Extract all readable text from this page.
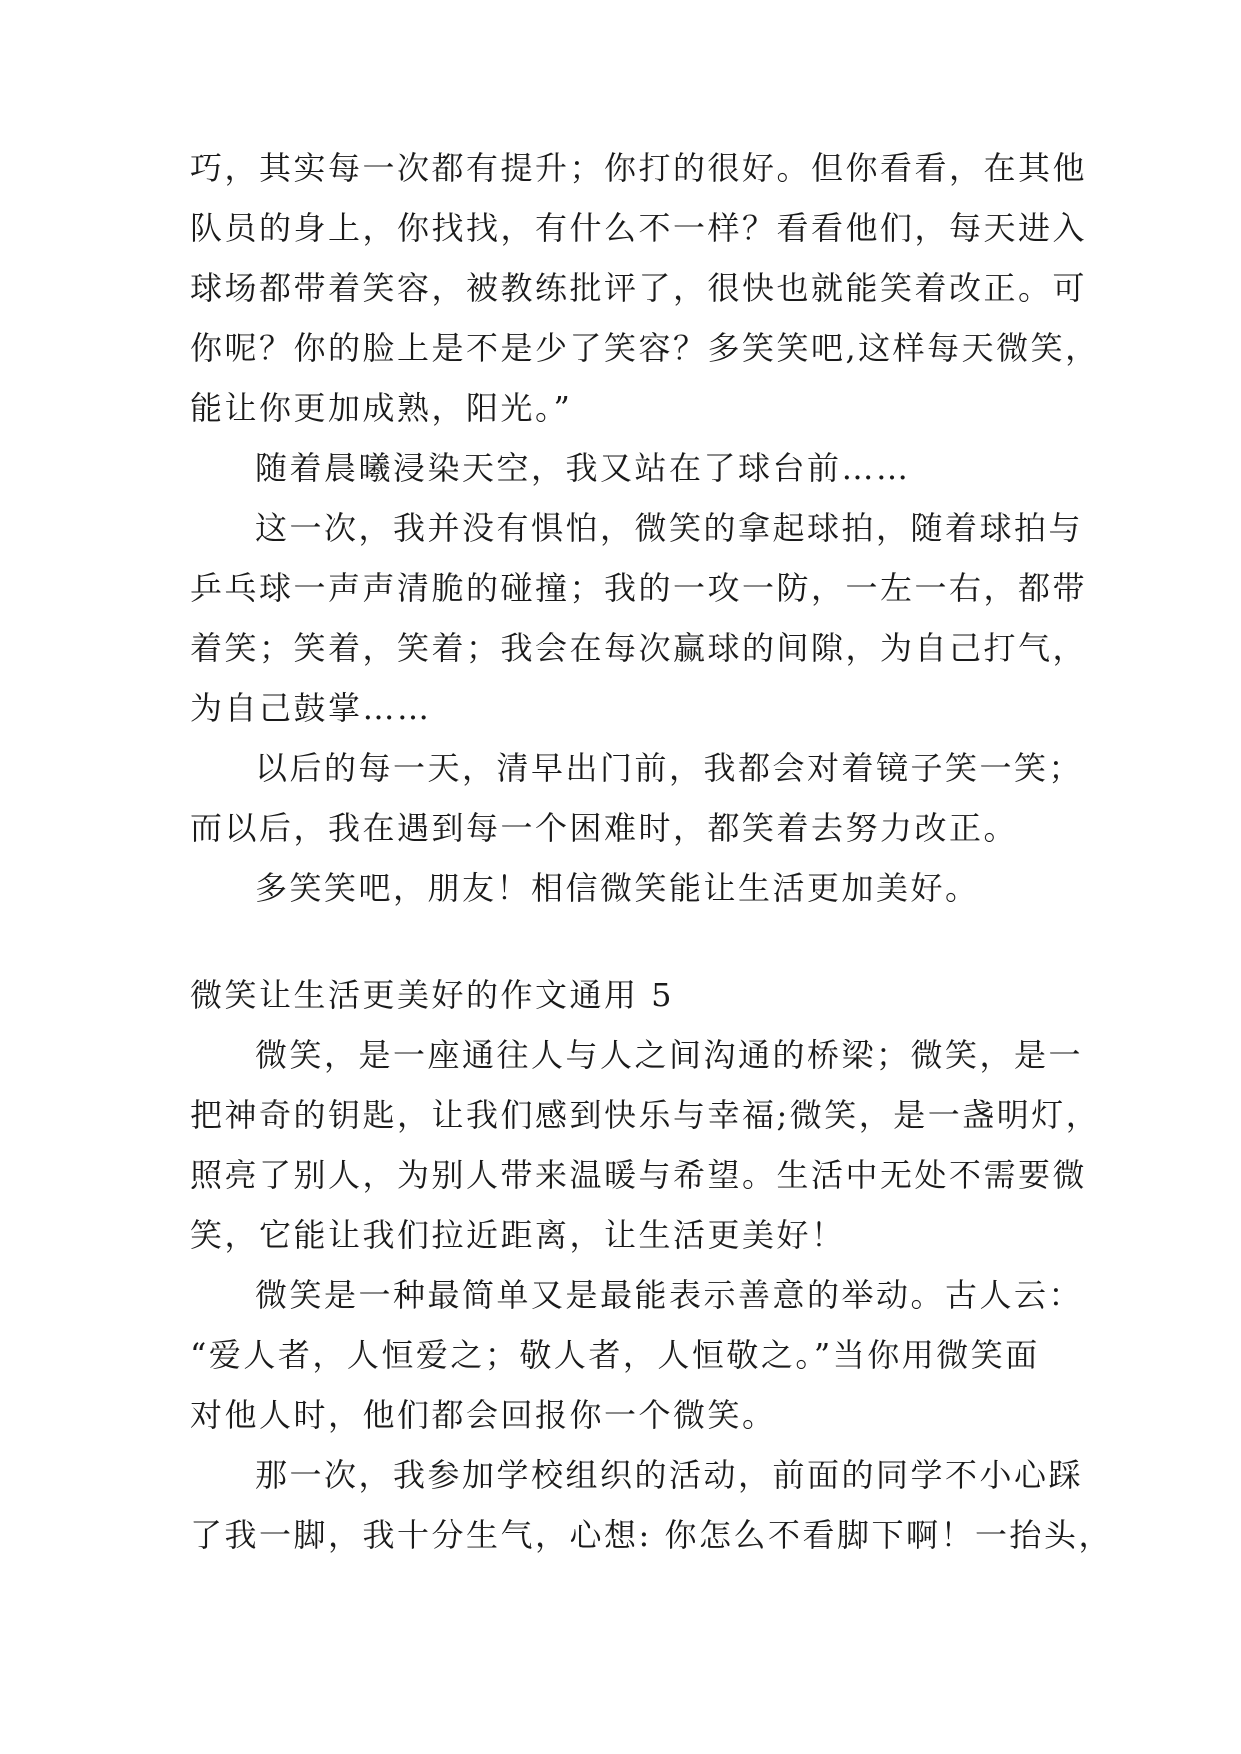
巧，其实每一次都有提升；你打的很好。但你看看，在其他
队员的身上，你找找，有什么不一样？看看他们，每天进入
球场都带着笑容，被教练批评了，很快也就能笑着改正。可
你呢？你的脸上是不是少了笑容？多笑笑吧,这样每天微笑，
能让你更加成熟，阳光。”
随着晨曦浸染天空，我又站在了球台前……
这一次，我并没有惧怕，微笑的拿起球拍，随着球拍与
乒乓球一声声清脆的碰撞；我的一攻一防，一左一右，都带
着笑；笑着，笑着；我会在每次赢球的间隙，为自己打气，
为自己鼓掌……
以后的每一天，清早出门前，我都会对着镜子笑一笑；
而以后，我在遇到每一个困难时，都笑着去努力改正。
多笑笑吧，朋友！相信微笑能让生活更加美好。
微笑让生活更美好的作文通用 5
微笑，是一座通往人与人之间沟通的桥梁；微笑，是一
把神奇的钥匙，让我们感到快乐与幸福;微笑，是一盏明灯，
照亮了别人，为别人带来温暖与希望。生活中无处不需要微
笑，它能让我们拉近距离，让生活更美好！
微笑是一种最简单又是最能表示善意的举动。古人云：
“爱人者，人恒爱之；敬人者，人恒敬之。”当你用微笑面
对他人时，他们都会回报你一个微笑。
那一次，我参加学校组织的活动，前面的同学不小心踩
了我一脚，我十分生气，心想: 你怎么不看脚下啊！一抬头，
